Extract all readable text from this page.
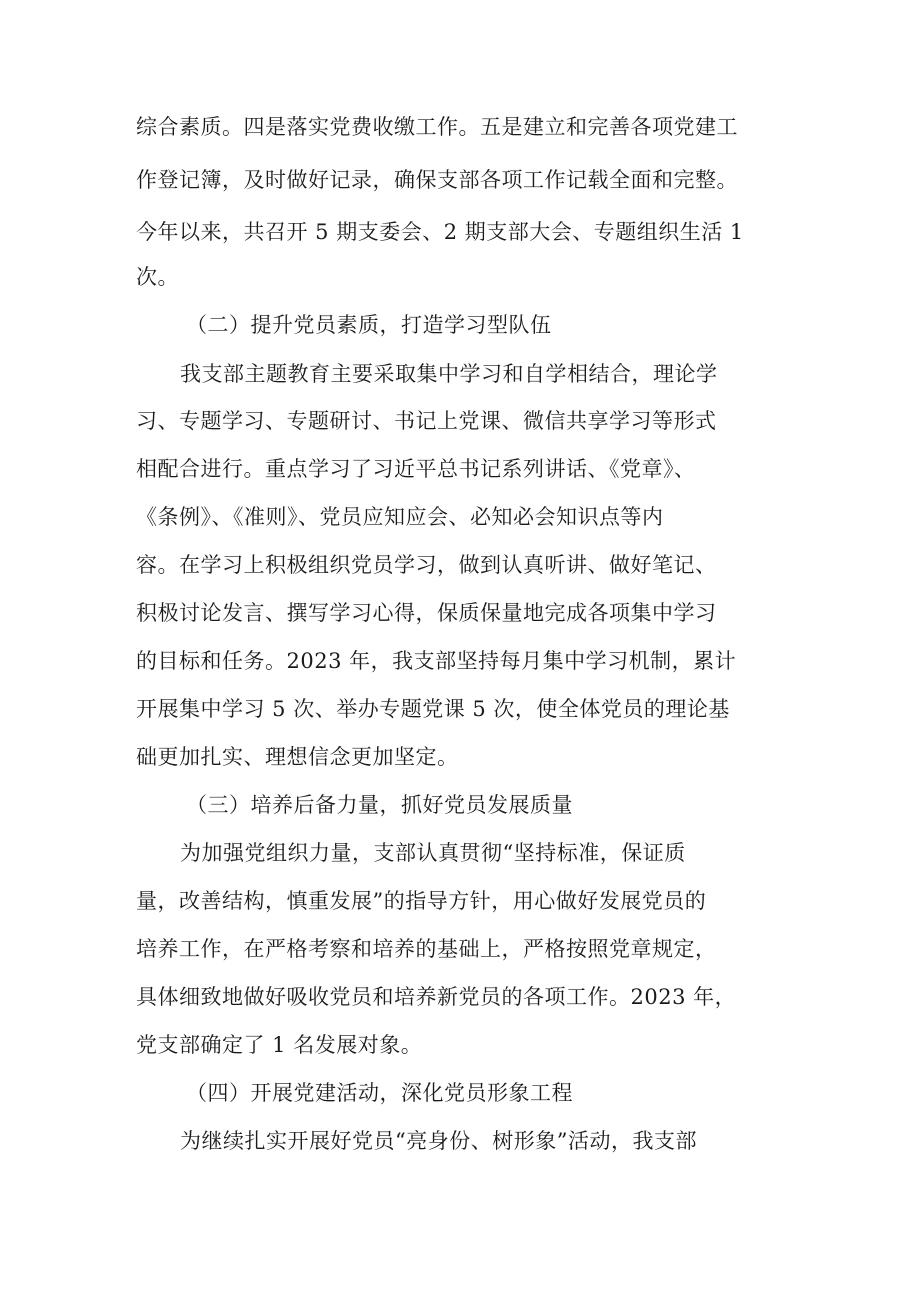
综合素质。四是落实党费收缴工作。五是建立和完善各项党建工
作登记簿，及时做好记录，确保支部各项工作记载全面和完整。
今年以来，共召开 5 期支委会、2 期支部大会、专题组织生活 1
次。
（二）提升党员素质，打造学习型队伍
我支部主题教育主要采取集中学习和自学相结合，理论学
习、专题学习、专题研讨、书记上党课、微信共享学习等形式
相配合进行。重点学习了习近平总书记系列讲话、《党章》、
《条例》、《准则》、党员应知应会、必知必会知识点等内
容。在学习上积极组织党员学习，做到认真听讲、做好笔记、
积极讨论发言、撰写学习心得，保质保量地完成各项集中学习
的目标和任务。2023 年，我支部坚持每月集中学习机制，累计
开展集中学习 5 次、举办专题党课 5 次，使全体党员的理论基
础更加扎实、理想信念更加坚定。
（三）培养后备力量，抓好党员发展质量
为加强党组织力量，支部认真贯彻“坚持标准，保证质
量，改善结构，慎重发展”的指导方针，用心做好发展党员的
培养工作，在严格考察和培养的基础上，严格按照党章规定，
具体细致地做好吸收党员和培养新党员的各项工作。2023 年，
党支部确定了 1 名发展对象。
（四）开展党建活动，深化党员形象工程
为继续扎实开展好党员“亮身份、树形象”活动，我支部
